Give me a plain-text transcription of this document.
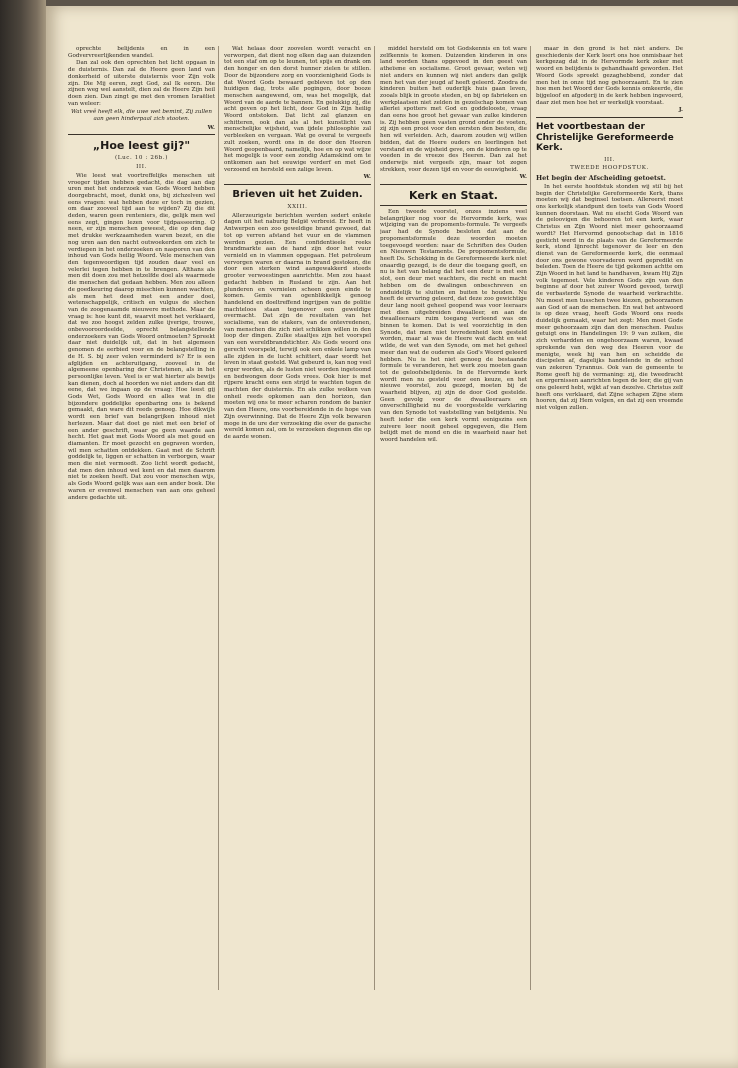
oprechte belijdenis en in een Godvervreerlijkenden wandel.

Dan zal ook den oprechten het licht opgaan in de duisternis. Dan zal de Heere geen land van donkerheid of uiterste duisternis voor Zijn volk zijn. Die Mij eeren, zegt God, zal Ik eeren. Die zijnen weg wel aanstelt, dien zal de Heere Zijn heil doen zien. Dan zingt ge met den vromen Israëliet van weleer:

Wat vreê heeft elk, die uwe wet bemint, Zij zullen aan geen hinderpaal zich stooten.
W.
„Hoe leest gij?"
(Luc. 10 : 26b.)
III.

Wie leest wat voortreffelijks menschen uit vroeger tijden hebben gedacht, die dag aan dag uren met het onderzoek van Gods Woord hebben doorgebracht, moet, dunkt ons, bij zichzelven wel eens vragen: wat hebben deze er toch in gezien, om daar zooveel tijd aan te wijden? Zij die dit deden, waren geen renteniers, die, gelijk men wel eens zegt, gingen lezen voor tijdpasseering. O neen, er zijn menschen geweest, die op den dag met drukke werkzaamheden waren bezet, en die nog uren aan den nacht outwoekerden om zich te verdiepen in het onderzoeken en nasporen van den inhoud van Gods heilig Woord. Vele menschen van den tegenwoordigen tijd zouden daar veel en velerlei tegen hebben in te brengen. Althans als men dit doen zou met hetzelfde doel als waarmede die menschen dat gedaan hebben. Men zou alleen de goedkeuring daarop misschien kunnen wachten, als men het deed met een ander doel, wetenschappelijk, critisch en vulgus de slechen van de zoogenaamde nieuwere methode. Maar de vraag is: hoe kunt dit, waarvit moet het verklaard, dat we zoo hoogst zelden zulke ijverige, trouwe, onbevooroordeelde, oprecht belangstellende onderzoekers van Gods Woord ontmoeten? Spreekt daar niet duidelijk uit, dat in het algemeen genomen de eerbied voor en de belangstelling in de H. S. bij zeer velen verminderd is? Er is een afglijden en achteruitgang, zooveel in de algemeene openbaring der Christenen, als in het persoonlijke leven. Veel is er wat hierter als bewijs kan dienen, doch al hoorden we niet anders dan dit eene, dat we ingaan op de vraag: Hoe leest gij Gods Wet, Gods Woord en alles wat in die bijzondere goddelijke openbaring ons is bekend gemaakt, dan ware dit reeds genoeg. Hoe dikwijls wordt een brief van belangrijken inhoud niet herlezen. Maar dat doet ge niet met een brief of een ander geschrift, waar ge geen waarde aan hecht. Het gaat met Gods Woord als met goud en diamanten. Er moet gezocht en gegraven worden, wil men schatten ontdekken. Gaat met de Schrift goddelijk te, liggen er schatten in verborgen, waar men die niet vermoedt. Zoo licht wordt gedacht, dat men den inhoud wel kent en dat men daarom niet te zoeken heeft. Dat zou voor menschen wijs, als Gods Woord gelijk was aan een ander boek. Die waren er evenwel menschen van aan ons geheel andere gedachte uit.

Wat helaas door zoovelen wordt veracht en verworpen, dat dient nog elken dag aan duizenden tot een staf om op te leunen, tot spijs en drank om den honger en den dorst hunner zielen te stillen. Door de bijzondere zorg en voorzienigheid Gods is dat Woord Gods bewaard gebleven tot op den huidigen dag, trots alle pogingen, door booze menschen aangewend, om, was het mogelijk, dat Woord van de aarde te bannen. En gelukkig zij, die acht geven op het licht, door God in Zijn heilig Woord ontstoken. Dat licht zal glanzen en schitteren, ook dan als al het kunstlicht van menschelijke wijsheid, van ijdele philosophie zal verbleeken en vergaan. Wat ge overal te vergeefs zult zoeken, wordt ons in de door den Heeren Woord geopenbaard, namelijk, hoe en op wat wijze het mogelijk is voor een zondig Adamskind om te ontkomen aan het eeuwige verderf en met God verzoend en hersteld een zalige leven.

W.
Brieven uit het Zuiden.
XXIII.

Allerzeurigste berichten werden sedert enkele dagen uit het naburig België verbreid. Er heeft in Antwerpen een zoo geweldige brand gewoed, dat tot op verren afstand het vuur en de vlammen werden gezien. Een confidentieele reeks brandmarkte aan de hand zijn door het vuur vernield en in vlammen opgegaan. Het petroleum vervorgen waren er daarna in brand gestoken, die door een sterken wind aangewakkerd steeds grooter verwoestingen aanrichtte. Men zou haast gedacht hebben in Rusland te zijn. Aan het plunderen en vernielen scheen geen einde te komen. Gemis van ogenblikkelijk genoeg handelend en doeltreffend ingrijpen van de politie machteloos staan tegenover een geweldige overmacht. Dat zijn de resultaten van het socialisme, van de stakers, van de ontevredenen, van menschen die zich niet schikken willen in den loop der dingen. Zulke staaltjes zijn het voorspel van een wereldbrandstichter. Als Gods woord ons gerecht voorspeld, terwijl ook een enkele lamp van alle zijden in de lucht schittert, daar wordt het leven in staat gesteld. Wat gebeurd is, kan nog veel erger worden, als de lusten niet worden ingetoomd en bedwongen door Gods vrees. Ook hier is met rijpere kracht eens een strijd te wachten tegen de machten der duisternis. En als zulke wolken van onheil reeds opkomen aan den horizon, dan moeten wij ons te meer scharen rondom de banier van den Heere, ons voorbereidende in de hope van Zijn overwinning. Dat de Heere Zijn volk bewaren moge in de ure der verzoeking die over de gansche wereld komen zal, om te verzoeken degenen die op de aarde wonen.

middel hersteld om tot Godskennis en tot ware zelfkennis te komen. Duizenden kinderen in ons land worden thans opgevoed in den geest van atheïsme en socialisme. Groot gevaar, weten wij niet anders en kunnen wij niet anders dan gelijk men het van der jeugd af heeft geleerd. Zoodra de kinderen buiten het ouderlijk huis gaan leven, zooals blijk in groote steden, en bij op fabrieken en werkplaatsen niet zelden in gezelschap komen van allerlei spotters met God en goddelooste, vraag dan eens hoe groot het gevaar van zulke kinderen is. Zij hebben geen vasten grond onder de voeten, zij zijn een prooi voor den eersten den besten, die hen wil verleiden. Ach, daarom zouden wij willen bidden, dat de Heere ouders en leerlingen het verstand en de wijsheid geve, om de kinderen op te voeden in de vreeze des Heeren. Dan zal het onderwijs niet vergeefs zijn, maar tot zegen strekken, voor dezen tijd en voor de eeuwigheid.

W.
Kerk en Staat.

Een tweede voorstel, onzes inziens veel belangrijker nog voor de Hervormde kerk, was wijziging van de propoments-formule. Te vergeefs jaar had de Synode besloten dat aan de propomentsformule deze woorden moeten toegevoegd worden: naar de Schriften des Ouden en Nieuwen Testaments. De propomentsformule, heeft Ds. Schokking in de Gereformeerde kerk niet onaardig gezegd, is de deur die toegang geeft, en nu is het van belang dat het een deur is met een slot, een deur met wachters, die recht en macht hebben om de dwalingen onbeschreven en onduidelijk te sluiten en buiten te houden. Nu heeft de ervaring geleerd, dat deze zoo gewichtige deur lang nooit geheel geopend was voor leeraars met dien uitgebreiden dwaalleer, en aan de dwaalleeraars ruim toegang verleend was om binnen te komen. Dat is wel voorzichtig in den Synode, dat men niet tevredenheid kon gesteld worden, maar al was de Heere wat dacht en wat wilde, de wet van den Synode, om met het geheel meer dan wat de ouderen als God's Woord geleerd hebben. Nu is het niet genoeg de bestaande formule te veranderen, het werk zou moeten gaan tot de geloofsbelijdenis. In de Hervormde kerk wordt men nu gesteld voor een keuze, en het nieuwe voorstel, zou gezegd, moeten bij de waarheid blijven, zij zijn de door God gestelde. Geen gevolg voor de dwaalleeraars en onverschilligheid nu de voorgestelde verklaring van den Synode tot vaststelling van belijdenis. Nu heeft ieder die een kerk vormt eenigszins een zuivere leer nooit geheel opgegeven, die Hem belijdt met de mond en die in waarheid naar het woord handelen wil.

maar in den grond is het niet anders. De geschiedenis der Kerk leert ons hoe onmisbaar het kerkgezag dat in de Hervormde kerk zeker met woord en belijdenis is gehandhaafd geworden. Het Woord Gods spreekt gezaghebbend, zonder dat men het in onze tijd nog gehoorzaamt. En te zien hoe men het Woord der Gods kennis omkeerde, die bijgeloof en afgoderij in de kerk hebben ingevoerd, daar ziet men hoe het er werkelijk voorstaat.

J.
Het voortbestaan der Christelijke Gereformeerde Kerk.
III.
TWEEDE HOOFDSTUK.
Het begin der Afscheiding getoetst.

In het eerste hoofdstuk stonden wij stil bij het begin der Christelijke Gereformeerde Kerk, thans moeten wij dat beginsel toetsen. Allereerst moet ons kerkelijk standpunt den toets van Gods Woord kunnen doorstaan. Wat nu eischt Gods Woord van de geloovigen die behooren tot een kerk, waar Christus en Zijn Woord niet meer gehoorzaamd wordt? Het Hervormd genootschap dat in 1816 gesticht werd in de plaats van de Gereformeerde kerk, stond lijnrecht tegenover de leer en den dienst van de Gereformeerde kerk, die eenmaal door ons gewone voorvaderen werd gepredikt en beleden. Toen de Heere de tijd gekomen achtte om Zijn Woord in het land te handhaven, kwam Hij Zijn volk tegemoet. Vele kinderen Gods zijn van den beginne af door het zuiver Woord gevoed, terwijl de verbasterde Synode de waarheid verkrachtte. Nu moest men tusschen twee kiezen, gehoorzamen aan God of aan de menschen. En wat het antwoord is op deze vraag, heeft Gods Woord ons reeds duidelijk gemaakt, waar het zegt: Men moet Gode meer gehoorzaam zijn dan den menschen. Paulus getuigt ons in Handelingen 19: 9 van zulken, die zich verhardden en ongehoorzaam waren, kwaad sprekende van den weg des Heeren voor de menigte, week hij van hen en scheidde de discipelen af, dagelijks handelende in de school van zekeren Tyrannus. Ook van de gemeente te Rome geeft hij de vermaning: zij, die tweedracht en ergernissen aanrichten tegen de leer, die gij van ons geleerd hebt, wijkt af van dezelve. Christus zelf heeft ons verklaard, dat Zijne schapen Zijne stem hooren, dat zij Hem volgen, en dat zij een vreemde niet volgen zullen.
